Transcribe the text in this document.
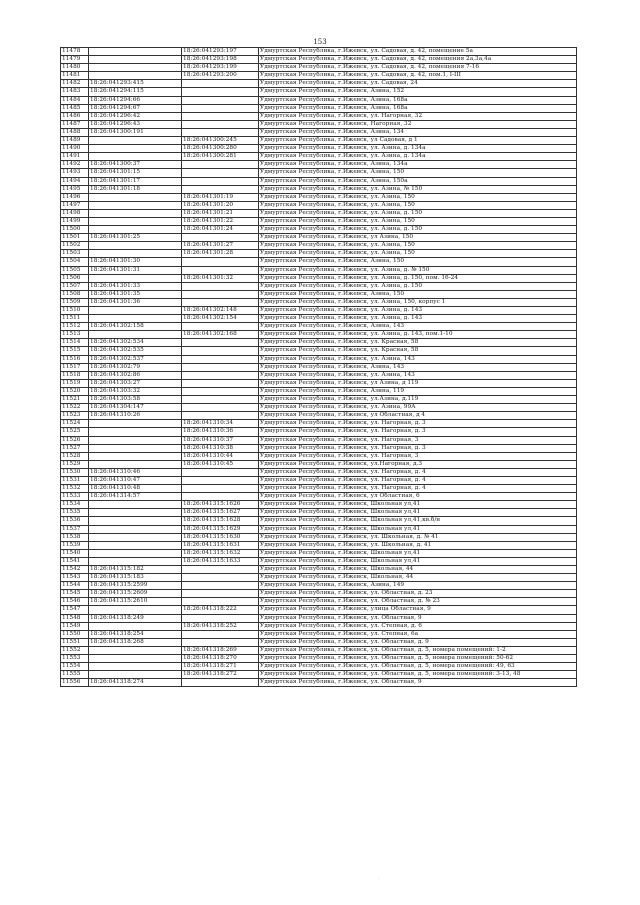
153
11478		18:26:041293:197	Удмуртская Республика, г.Ижевск, ул. Садовая, д. 42, помещение 5а
11479		18:26:041293:198	Удмуртская Республика, г.Ижевск, ул. Садовая, д. 42, помещения 2а,3а,4а
11480		18:26:041293:199	Удмуртская Республика, г.Ижевск, ул. Садовая, д. 42, помещения 7-16
11481		18:26:041293:200	Удмуртская Республика, г.Ижевск, ул. Садовая, д. 42, пом.1, I-III
11482	18:26:041293:415		Удмуртская Республика, г.Ижевск, ул. Садовая, 24
11483	18:26:041294:115		Удмуртская Республика, г.Ижевск, Азина, 152
11484	18:26:041294:66		Удмуртская Республика, г.Ижевск, Азина, 168а
11485	18:26:041294:67		Удмуртская Республика, г.Ижевск, Азина, 168а
11486	18:26:041296:42		Удмуртская Республика, г.Ижевск, ул. Нагорная, 32
11487	18:26:041296:43		Удмуртская Республика, г.Ижевск, Нагорная, 32
11488	18:26:041300:191		Удмуртская Республика, г.Ижевск, Азина, 134
11489		18:26:041300:245	Удмуртская Республика, г.Ижевск, ул Садовая, д 1
11490		18:26:041300:280	Удмуртская Республика, г.Ижевск, ул. Азина, д. 134а
11491		18:26:041300:281	Удмуртская Республика, г.Ижевск, ул. Азина, д. 134а
11492	18:26:041300:37		Удмуртская Республика, г.Ижевск, Азина, 134а
11493	18:26:041301:15		Удмуртская Республика, г.Ижевск, Азина, 150
11494	18:26:041301:17		Удмуртская Республика, г.Ижевск, Азина, 150а
11495	18:26:041301:18		Удмуртская Республика, г.Ижевск, ул. Азина, № 150
11496		18:26:041301:19	Удмуртская Республика, г.Ижевск, ул. Азина, 150
11497		18:26:041301:20	Удмуртская Республика, г.Ижевск, ул. Азина, 150
11498		18:26:041301:21	Удмуртская Республика, г.Ижевск, ул. Азина, д. 150
11499		18:26:041301:22	Удмуртская Республика, г.Ижевск, ул. Азина, 150
11500		18:26:041301:24	Удмуртская Республика, г.Ижевск, ул. Азина, д. 150
11501	18:26:041301:25		Удмуртская Республика, г.Ижевск, ул Азина, 150
11502		18:26:041301:27	Удмуртская Республика, г.Ижевск, ул. Азина, 150
11503		18:26:041301:28	Удмуртская Республика, г.Ижевск, ул. Азина, 150
11504	18:26:041301:30		Удмуртская Республика, г.Ижевск, Азина, 150
11505	18:26:041301:31		Удмуртская Республика, г.Ижевск, ул. Азина, д. № 150
11506		18:26:041301:32	Удмуртская Республика, г.Ижевск, ул. Азина, д. 150, пом. 16-24
11507	18:26:041301:33		Удмуртская Республика, г.Ижевск, ул. Азина, д. 150
11508	18:26:041301:35		Удмуртская Республика, г.Ижевск, Азина, 150
11509	18:26:041301:36		Удмуртская Республика, г.Ижевск, ул. Азина, 150, корпус 1
11510		18:26:041302:148	Удмуртская Республика, г.Ижевск, ул. Азина, д. 143
11511		18:26:041302:154	Удмуртская Республика, г.Ижевск, ул. Азина, д. 143
11512	18:26:041302:158		Удмуртская Республика, г.Ижевск, Азина, 143
11513		18:26:041302:168	Удмуртская Республика, г.Ижевск, ул. Азина, д. 143, пом.1-10
11514	18:26:041302:534		Удмуртская Республика, г.Ижевск, ул. Красная, 58
11515	18:26:041302:535		Удмуртская Республика, г.Ижевск, ул. Красная, 58
11516	18:26:041302:537		Удмуртская Республика, г.Ижевск, ул. Азина, 143
11517	18:26:041302:79		Удмуртская Республика, г.Ижевск, Азина, 143
11518	18:26:041302:86		Удмуртская Республика, г.Ижевск, ул. Азина, 143
11519	18:26:041303:27		Удмуртская Республика, г.Ижевск, ул Азина, д 119
11520	18:26:041303:32		Удмуртская Республика, г.Ижевск, Азина, 119
11521	18:26:041303:58		Удмуртская Республика, г.Ижевск, ул.Азина, д.119
11522	18:26:041304:147		Удмуртская Республика, г.Ижевск, ул. Азина, 99А
11523	18:26:041310:26		Удмуртская Республика, г.Ижевск, ул Областная, д 4
11524		18:26:041310:34	Удмуртская Республика, г.Ижевск, ул. Нагорная, д. 3
11525		18:26:041310:36	Удмуртская Республика, г.Ижевск, ул. Нагорная, д. 3
11526		18:26:041310:37	Удмуртская Республика, г.Ижевск, ул. Нагорная, 3
11527		18:26:041310:38	Удмуртская Республика, г.Ижевск, ул. Нагорная, д. 3
11528		18:26:041310:44	Удмуртская Республика, г.Ижевск, ул. Нагорная, 3
11529		18:26:041310:45	Удмуртская Республика, г.Ижевск, ул.Нагорная, д.3
11530	18:26:041310:46		Удмуртская Республика, г.Ижевск, ул. Нагорная, д. 4
11531	18:26:041310:47		Удмуртская Республика, г.Ижевск, ул. Нагорная, д. 4
11532	18:26:041310:48		Удмуртская Республика, г.Ижевск, ул. Нагорная, д. 4
11533	18:26:041314:57		Удмуртская Республика, г.Ижевск, ул Областная, 6
11534		18:26:041315:1626	Удмуртская Республика, г.Ижевск, Школьная ул,41
11535		18:26:041315:1627	Удмуртская Республика, г.Ижевск, Школьная ул,41
11536		18:26:041315:1628	Удмуртская Республика, г.Ижевск, Школьная ул,41,кв.б/н
11537		18:26:041315:1629	Удмуртская Республика, г.Ижевск, Школьная ул,41
11538		18:26:041315:1630	Удмуртская Республика, г.Ижевск, ул. Школьная, д. № 41
11539		18:26:041315:1631	Удмуртская Республика, г.Ижевск, ул. Школьная, д. 41
11540		18:26:041315:1632	Удмуртская Республика, г.Ижевск, Школьная ул,41
11541		18:26:041315:1633	Удмуртская Республика, г.Ижевск, Школьная ул,41
11542	18:26:041315:182		Удмуртская Республика, г.Ижевск, Школьная, 44
11543	18:26:041315:183		Удмуртская Республика, г.Ижевск, Школьная, 44
11544	18:26:041315:2599		Удмуртская Республика, г.Ижевск, Азина, 149
11545	18:26:041315:2609		Удмуртская Республика, г.Ижевск, ул. Областная, д. 23
11546	18:26:041315:2610		Удмуртская Республика, г.Ижевск, ул. Областная, д. № 23
11547		18:26:041318:222	Удмуртская Республика, г.Ижевск, улица Областная, 9
11548	18:26:041318:249		Удмуртская Республика, г.Ижевск, ул. Областная, 9
11549		18:26:041318:252	Удмуртская Республика, г.Ижевск, ул. Степная, д. 6
11550	18:26:041318:254		Удмуртская Республика, г.Ижевск, ул. Степная, 6а
11551	18:26:041318:268		Удмуртская Республика, г.Ижевск, ул. Областная, д. 9
11552		18:26:041318:269	Удмуртская Республика, г.Ижевск, ул. Областная, д. 5, номера помещений: 1-2
11553		18:26:041318:270	Удмуртская Республика, г.Ижевск, ул. Областная, д. 5, номера помещений: 50-62
11554		18:26:041318:271	Удмуртская Республика, г.Ижевск, ул. Областная, д. 5, номера помещений: 49, 63
11555		18:26:041318:272	Удмуртская Республика, г.Ижевск, ул. Областная, д. 5, номера помещений: 3-13, 48
11556	18:26:041318:274		Удмуртская Республика, г.Ижевск, ул. Областная, 9
·
